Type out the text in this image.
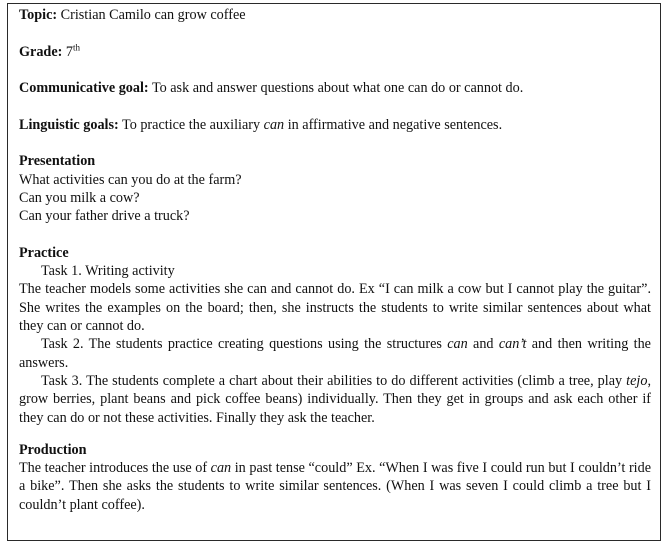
Topic: Cristian Camilo can grow coffee

Grade: 7th

Communicative goal: To ask and answer questions about what one can do or cannot do.

Linguistic goals: To practice the auxiliary can in affirmative and negative sentences.

Presentation

What activities can you do at the farm?

Can you milk a cow?

Can your father drive a truck?

Practice

Task 1. Writing activity

The teacher models some activities she can and cannot do. Ex “I can milk a cow but I cannot play the guitar”. She writes the examples on the board; then, she instructs the students to write similar sentences about what they can or cannot do.

Task 2. The students practice creating questions using the structures can and can’t and then writing the answers.

Task 3. The students complete a chart about their abilities to do different activities (climb a tree, play tejo, grow berries, plant beans and pick coffee beans) individually. Then they get in groups and ask each other if they can do or not these activities. Finally they ask the teacher.

Production

The teacher introduces the use of can in past tense “could” Ex. “When I was five I could run but I couldn’t ride a bike”. Then she asks the students to write similar sentences. (When I was seven I could climb a tree but I couldn’t plant coffee).
